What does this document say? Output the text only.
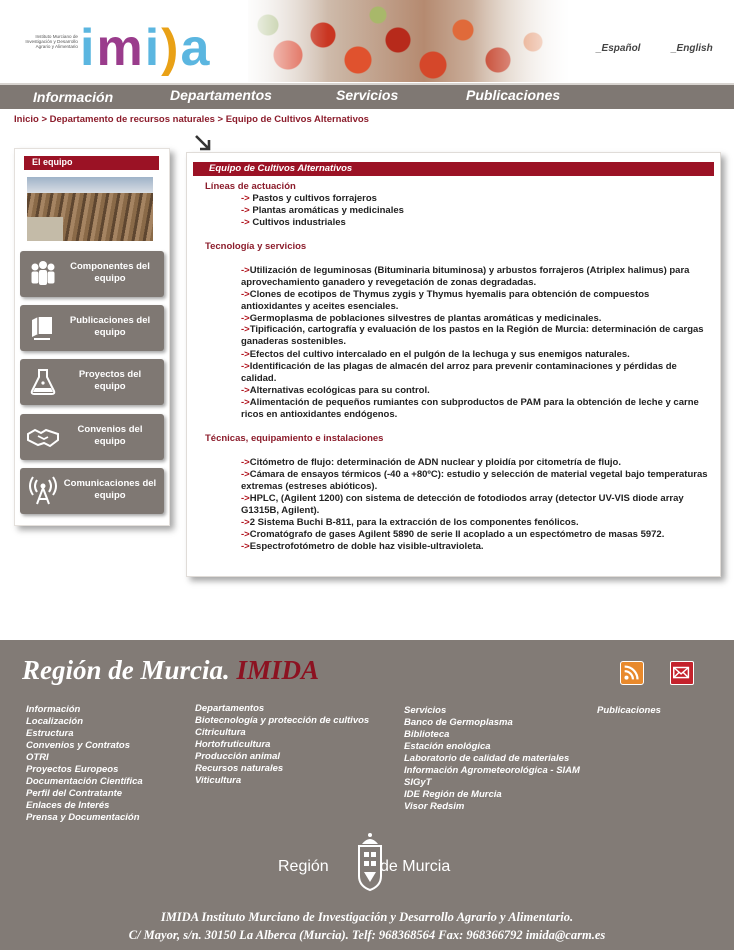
Instituto Murciano de
Investigación y Desarrollo
Agrario y Alimentario imi)a	_Español	_English
Información	Departamentos	Servicios	Publicaciones
Inicio > Departamento de recursos naturales > Equipo de Cultivos Alternativos
El equipo
Componentes del equipo
Publicaciones del equipo
Proyectos del equipo
Convenios del equipo
Comunicaciones del equipo
Equipo de Cultivos Alternativos
Líneas de actuación
-> Pastos y cultivos forrajeros
-> Plantas aromáticas y medicinales
-> Cultivos industriales
Tecnología y servicios
->Utilización de leguminosas (Bituminaria bituminosa) y arbustos forrajeros (Atriplex halimus) para aprovechamiento ganadero y revegetación de zonas degradadas.
->Clones de ecotipos de Thymus zygis y Thymus hyemalis para obtención de compuestos antioxidantes y aceites esenciales.
->Germoplasma de poblaciones silvestres de plantas aromáticas y medicinales.
->Tipificación, cartografía y evaluación de los pastos en la Región de Murcia: determinación de cargas ganaderas sostenibles.
->Efectos del cultivo intercalado en el pulgón de la lechuga y sus enemigos naturales.
->Identificación de las plagas de almacén del arroz para prevenir contaminaciones y pérdidas de calidad.
->Alternativas ecológicas para su control.
->Alimentación de pequeños rumiantes con subproductos de PAM para la obtención de leche y carne ricos en antioxidantes endógenos.
Técnicas, equipamiento e instalaciones
->Citómetro de flujo: determinación de ADN nuclear y ploidía por citometría de flujo.
->Cámara de ensayos térmicos (-40 a +80ºC): estudio y selección de material vegetal bajo temperaturas extremas (estreses abióticos).
->HPLC, (Agilent 1200) con sistema de detección de fotodiodos array (detector UV-VIS diode array G1315B, Agilent).
->2 Sistema Buchi B-811, para la extracción de los componentes fenólicos.
->Cromatógrafo de gases Agilent 5890 de serie II acoplado a un espectómetro de masas 5972.
->Espectrofotómetro de doble haz visible-ultravioleta.
Región de Murcia. IMIDA
Información
Localización
Estructura
Convenios y Contratos
OTRI
Proyectos Europeos
Documentación Científica
Perfil del Contratante
Enlaces de Interés
Prensa y Documentación
Departamentos
Biotecnología y protección de cultivos
Citricultura
Hortofruticultura
Producción animal
Recursos naturales
Viticultura
Servicios
Banco de Germoplasma
Biblioteca
Estación enológica
Laboratorio de calidad de materiales
Información Agrometeorológica - SIAM
SIGyT
IDE Región de Murcia
Visor Redsim
Publicaciones
Región	de Murcia
IMIDA Instituto Murciano de Investigación y Desarrollo Agrario y Alimentario.
C/ Mayor, s/n. 30150 La Alberca (Murcia). Telf: 968368564 Fax: 968366792 imida@carm.es
